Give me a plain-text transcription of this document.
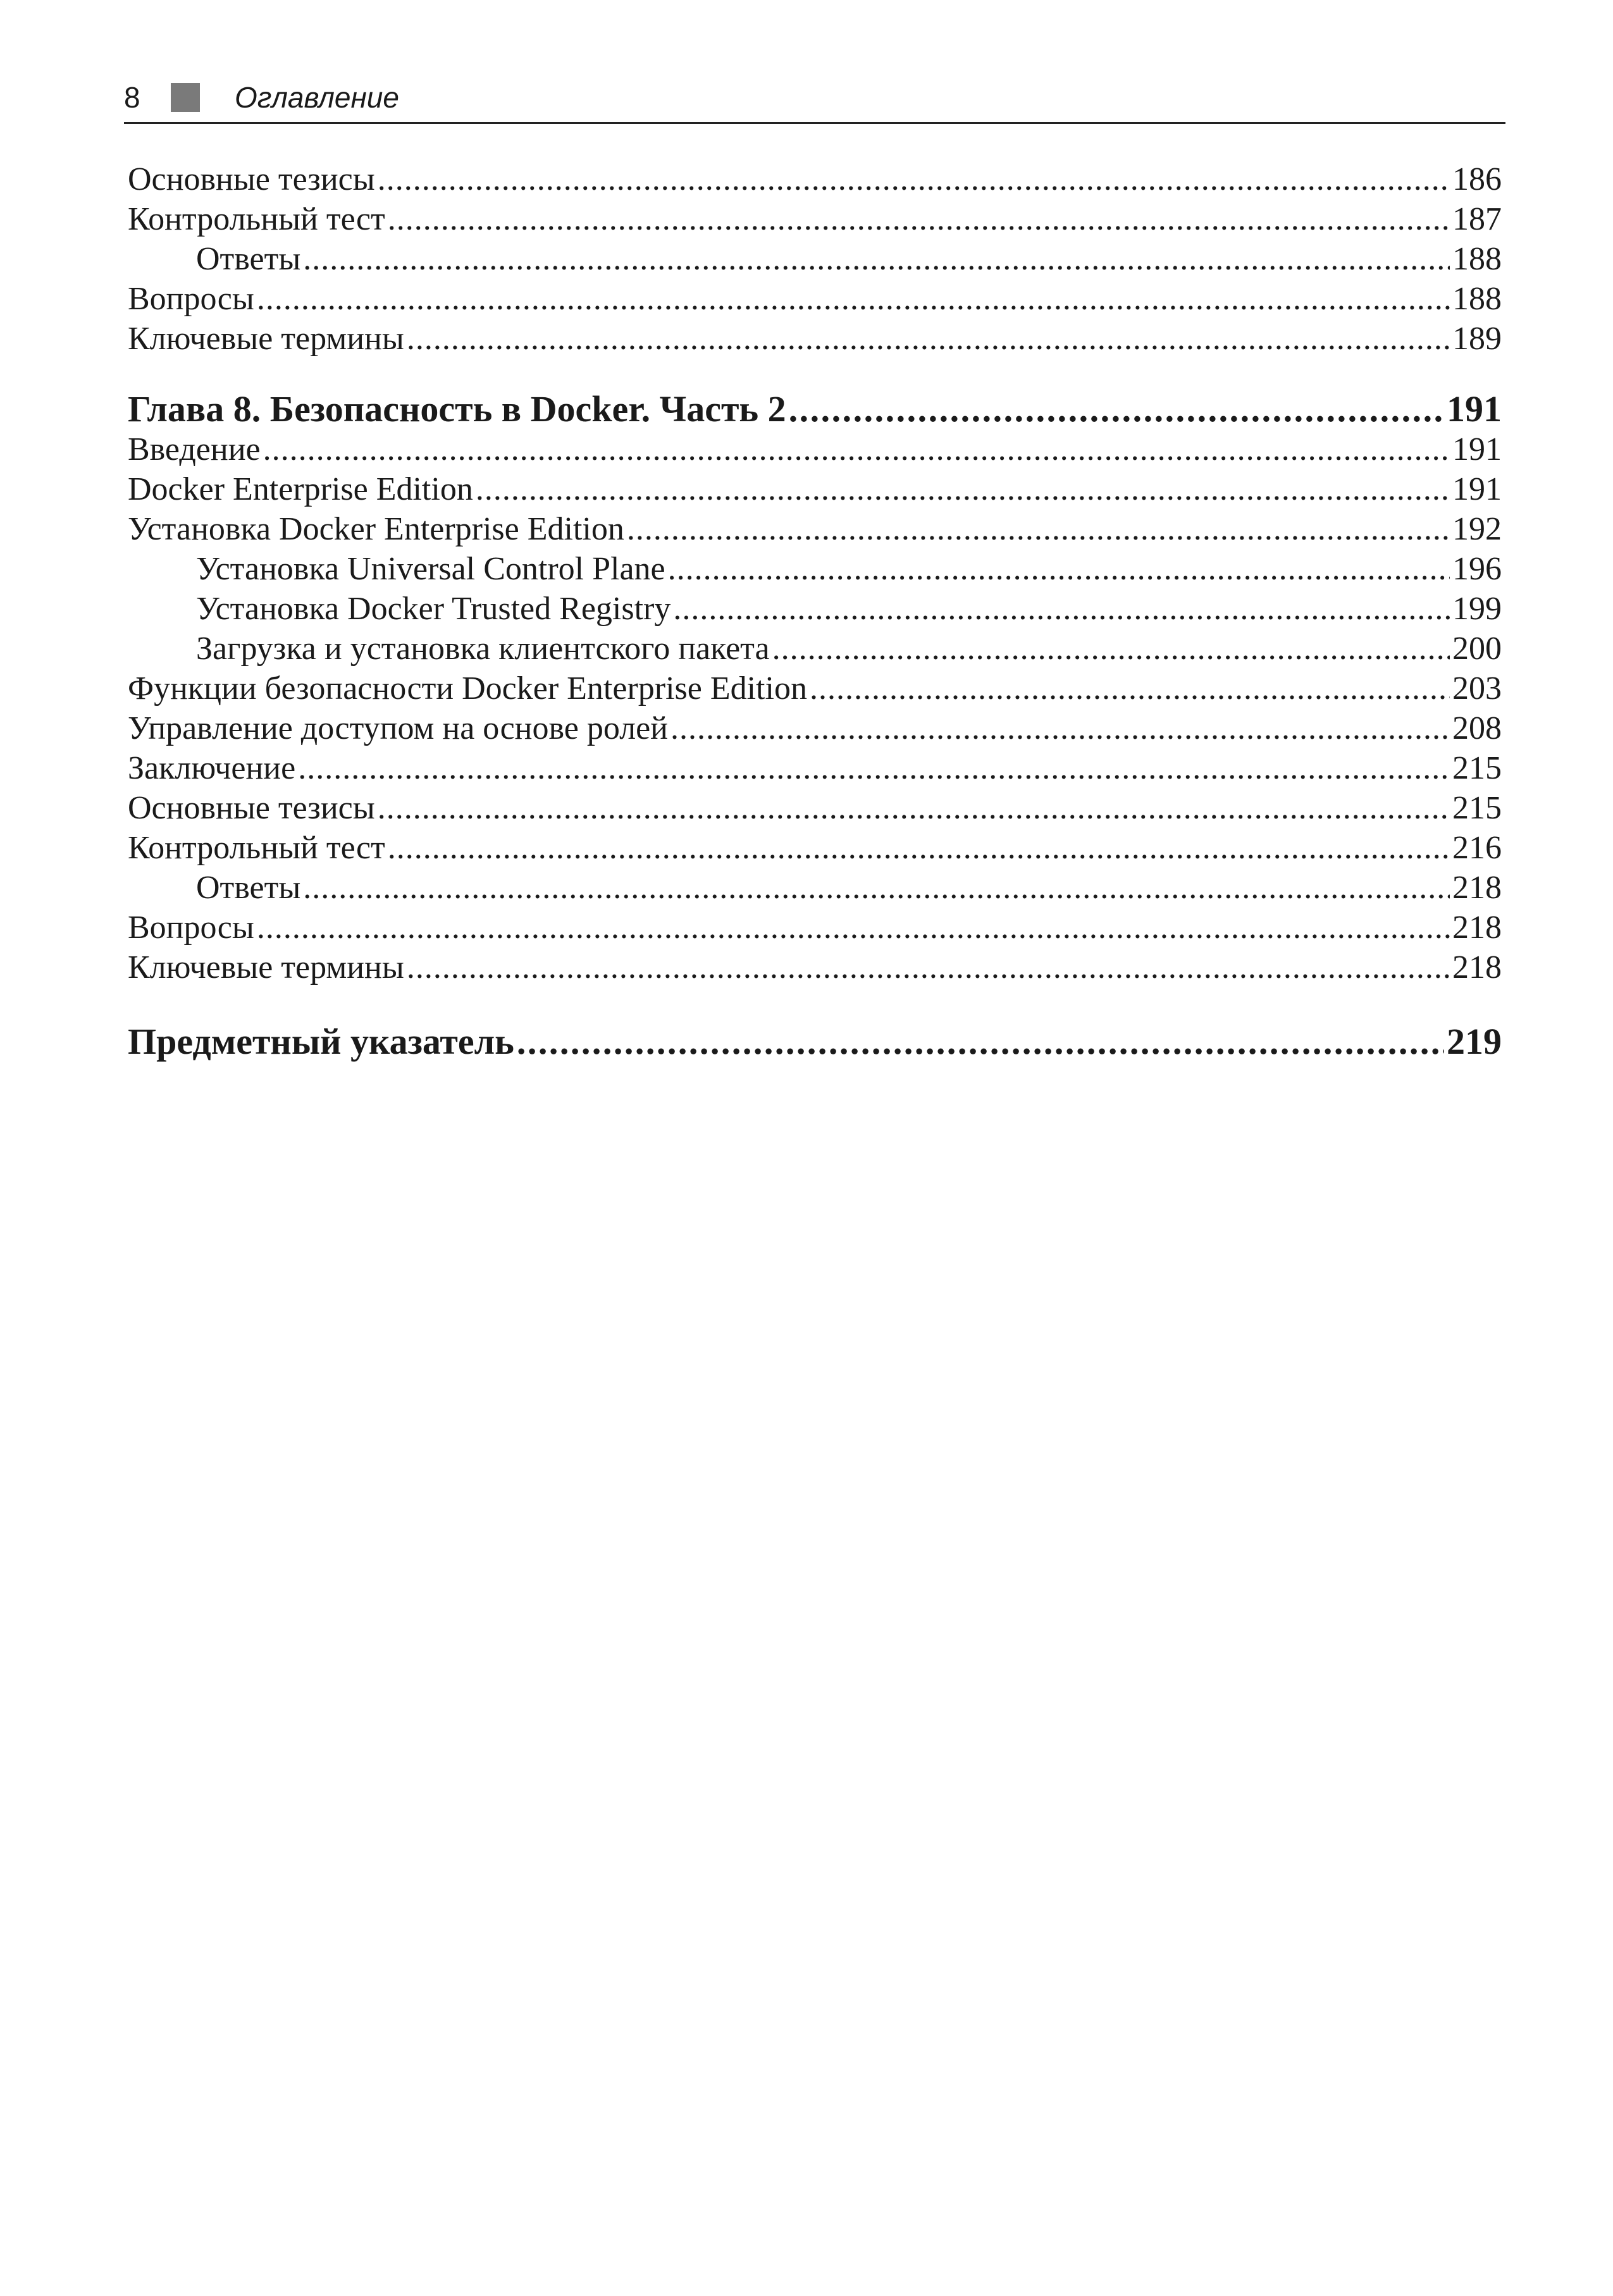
8	Оглавление
Основные тезисы . . .	186
Контрольный тест . . .	187
Ответы . . .	188
Вопросы . . .	188
Ключевые термины . . .	189
Глава 8. Безопасность в Docker. Часть 2 . . .	191
Введение . . .	191
Docker Enterprise Edition . . .	191
Установка Docker Enterprise Edition . . .	192
Установка Universal Control Plane . . .	196
Установка Docker Trusted Registry . . .	199
Загрузка и установка клиентского пакета . . .	200
Функции безопасности Docker Enterprise Edition . . .	203
Управление доступом на основе ролей . . .	208
Заключение . . .	215
Основные тезисы . . .	215
Контрольный тест . . .	216
Ответы . . .	218
Вопросы . . .	218
Ключевые термины . . .	218
Предметный указатель . . .	219
